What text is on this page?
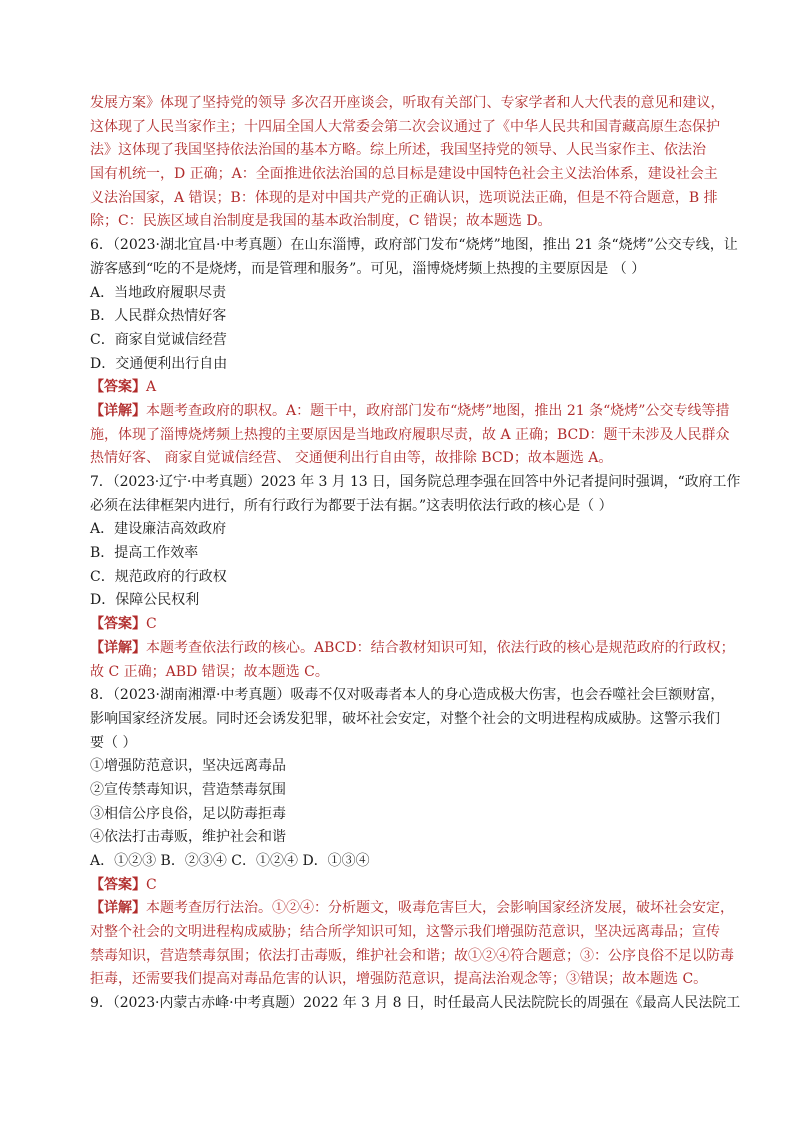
发展方案》体现了坚持党的领导 多次召开座谈会，听取有关部门、专家学者和人大代表的意见和建议，
这体现了人民当家作主；十四届全国人大常委会第二次会议通过了《中华人民共和国青藏高原生态保护
法》这体现了我国坚持依法治国的基本方略。综上所述，我国坚持党的领导、人民当家作主、依法治
国有机统一，D 正确；A：全面推进依法治国的总目标是建设中国特色社会主义法治体系，建设社会主
义法治国家，A 错误；B：体现的是对中国共产党的正确认识，选项说法正确，但是不符合题意，B 排
除；C：民族区域自治制度是我国的基本政治制度，C 错误；故本题选 D。
6．（2023·湖北宜昌·中考真题）在山东淄博，政府部门发布“烧烤”地图，推出 21 条“烧烤”公交专线，让
游客感到“吃的不是烧烤，而是管理和服务”。可见，淄博烧烤频上热搜的主要原因是 （ ）
A．当地政府履职尽责
B．人民群众热情好客
C．商家自觉诚信经营
D．交通便利出行自由
【答案】A
【详解】本题考查政府的职权。A：题干中，政府部门发布“烧烤”地图，推出 21 条“烧烤”公交专线等措
施，体现了淄博烧烤频上热搜的主要原因是当地政府履职尽责，故 A 正确；BCD：题干未涉及人民群众
热情好客、 商家自觉诚信经营、 交通便利出行自由等，故排除 BCD；故本题选 A。
7．（2023·辽宁·中考真题）2023 年 3 月 13 日，国务院总理李强在回答中外记者提问时强调，“政府工作
必须在法律框架内进行，所有行政行为都要于法有据。”这表明依法行政的核心是（ ）
A．建设廉洁高效政府
B．提高工作效率
C．规范政府的行政权
D．保障公民权利
【答案】C
【详解】本题考查依法行政的核心。ABCD：结合教材知识可知，依法行政的核心是规范政府的行政权；
故 C 正确；ABD 错误；故本题选 C。
8．（2023·湖南湘潭·中考真题）吸毒不仅对吸毒者本人的身心造成极大伤害，也会吞噬社会巨额财富，
影响国家经济发展。同时还会诱发犯罪，破坏社会安定，对整个社会的文明进程构成威胁。这警示我们
要（ ）
①增强防范意识，坚决远离毒品
②宣传禁毒知识，营造禁毒氛围
③相信公序良俗，足以防毒拒毒
④依法打击毒贩，维护社会和谐
A．①②③ B．②③④ C．①②④ D．①③④
【答案】C
【详解】本题考查厉行法治。①②④：分析题文，吸毒危害巨大，会影响国家经济发展，破坏社会安定，
对整个社会的文明进程构成威胁；结合所学知识可知，这警示我们增强防范意识，坚决远离毒品；宣传
禁毒知识，营造禁毒氛围；依法打击毒贩，维护社会和谐；故①②④符合题意；③：公序良俗不足以防毒
拒毒，还需要我们提高对毒品危害的认识，增强防范意识，提高法治观念等；③错误；故本题选 C。
9．（2023·内蒙古赤峰·中考真题）2022 年 3 月 8 日，时任最高人民法院院长的周强在《最高人民法院工
